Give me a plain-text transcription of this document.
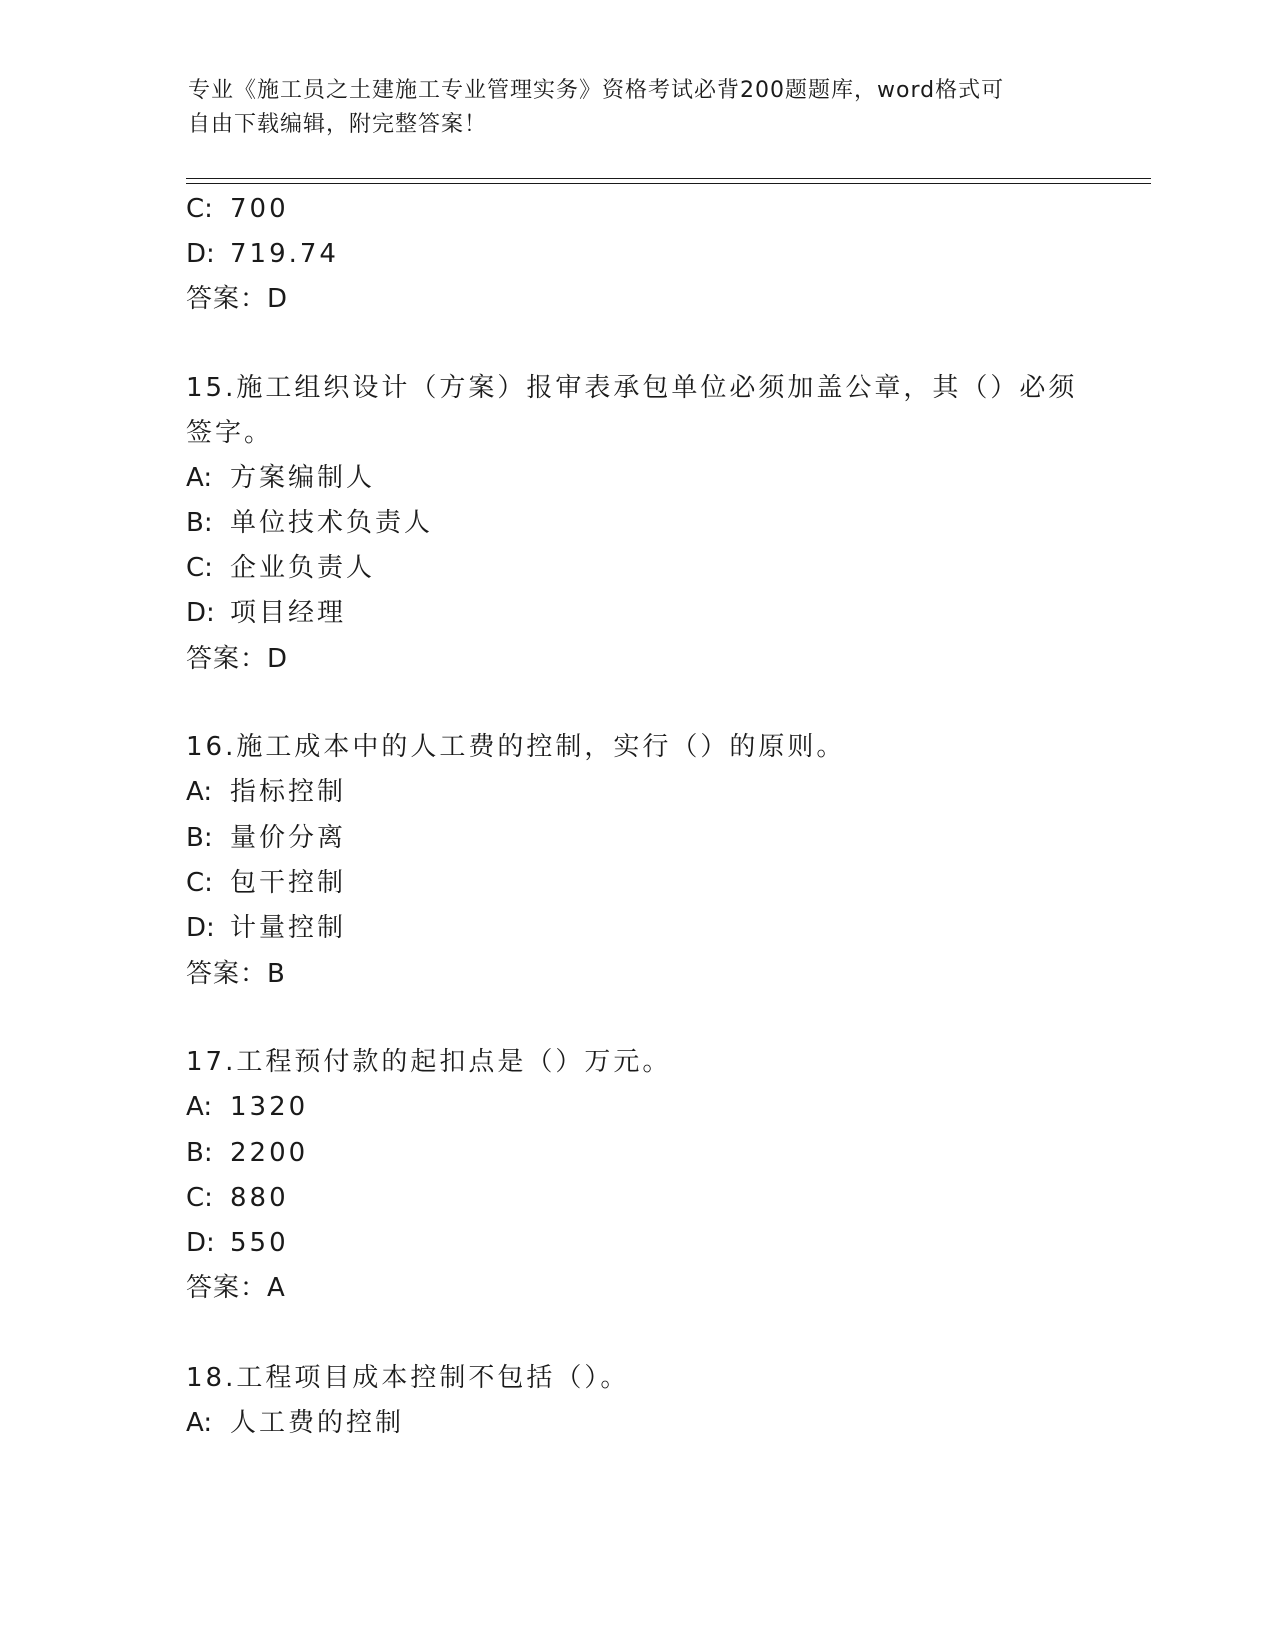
专业《施工员之土建施工专业管理实务》资格考试必背200题题库，word格式可
自由下载编辑，附完整答案！
C: 700
D: 719.74
答案：D
15.施工组织设计（方案）报审表承包单位必须加盖公章，其（）必须
签字。
A: 方案编制人
B: 单位技术负责人
C: 企业负责人
D: 项目经理
答案：D
16.施工成本中的人工费的控制，实行（）的原则。
A: 指标控制
B: 量价分离
C: 包干控制
D: 计量控制
答案：B
17.工程预付款的起扣点是（）万元。
A: 1320
B: 2200
C: 880
D: 550
答案：A
18.工程项目成本控制不包括（）。
A: 人工费的控制
